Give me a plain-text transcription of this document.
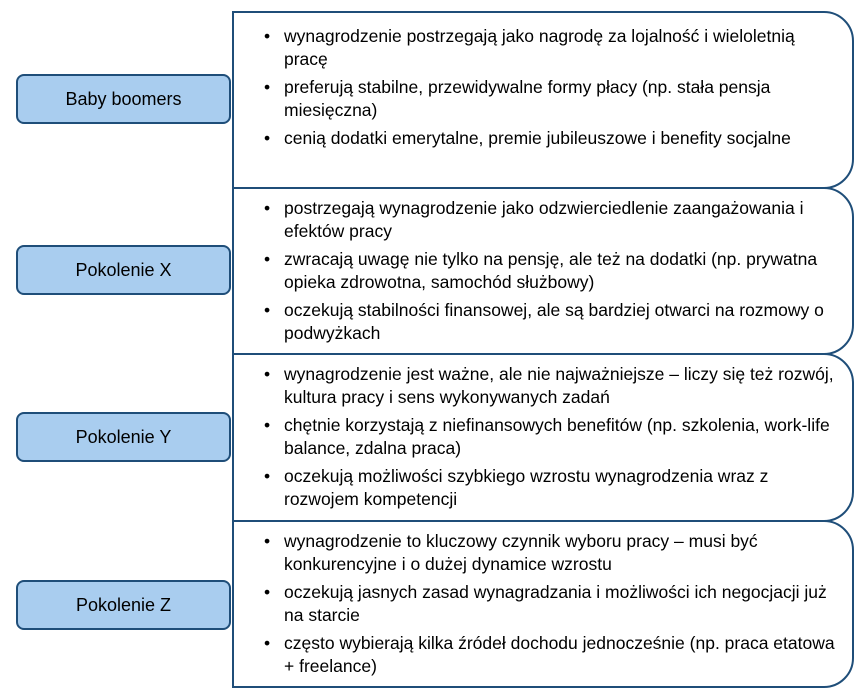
Baby boomers
• wynagrodzenie postrzegają jako nagrodę za lojalność i wieloletnią pracę
• preferują stabilne, przewidywalne formy płacy (np. stała pensja miesięczna)
• cenią dodatki emerytalne, premie jubileuszowe i benefity socjalne
Pokolenie X
• postrzegają wynagrodzenie jako odzwierciedlenie zaangażowania i efektów pracy
• zwracają uwagę nie tylko na pensję, ale też na dodatki (np. prywatna opieka zdrowotna, samochód służbowy)
• oczekują stabilności finansowej, ale są bardziej otwarci na rozmowy o podwyżkach
Pokolenie Y
• wynagrodzenie jest ważne, ale nie najważniejsze – liczy się też rozwój, kultura pracy i sens wykonywanych zadań
• chętnie korzystają z niefinansowych benefitów (np. szkolenia, work-life balance, zdalna praca)
• oczekują możliwości szybkiego wzrostu wynagrodzenia wraz z rozwojem kompetencji
Pokolenie Z
• wynagrodzenie to kluczowy czynnik wyboru pracy – musi być konkurencyjne i o dużej dynamice wzrostu
• oczekują jasnych zasad wynagradzania i możliwości ich negocjacji już na starcie
• często wybierają kilka źródeł dochodu jednocześnie (np. praca etatowa + freelance)
